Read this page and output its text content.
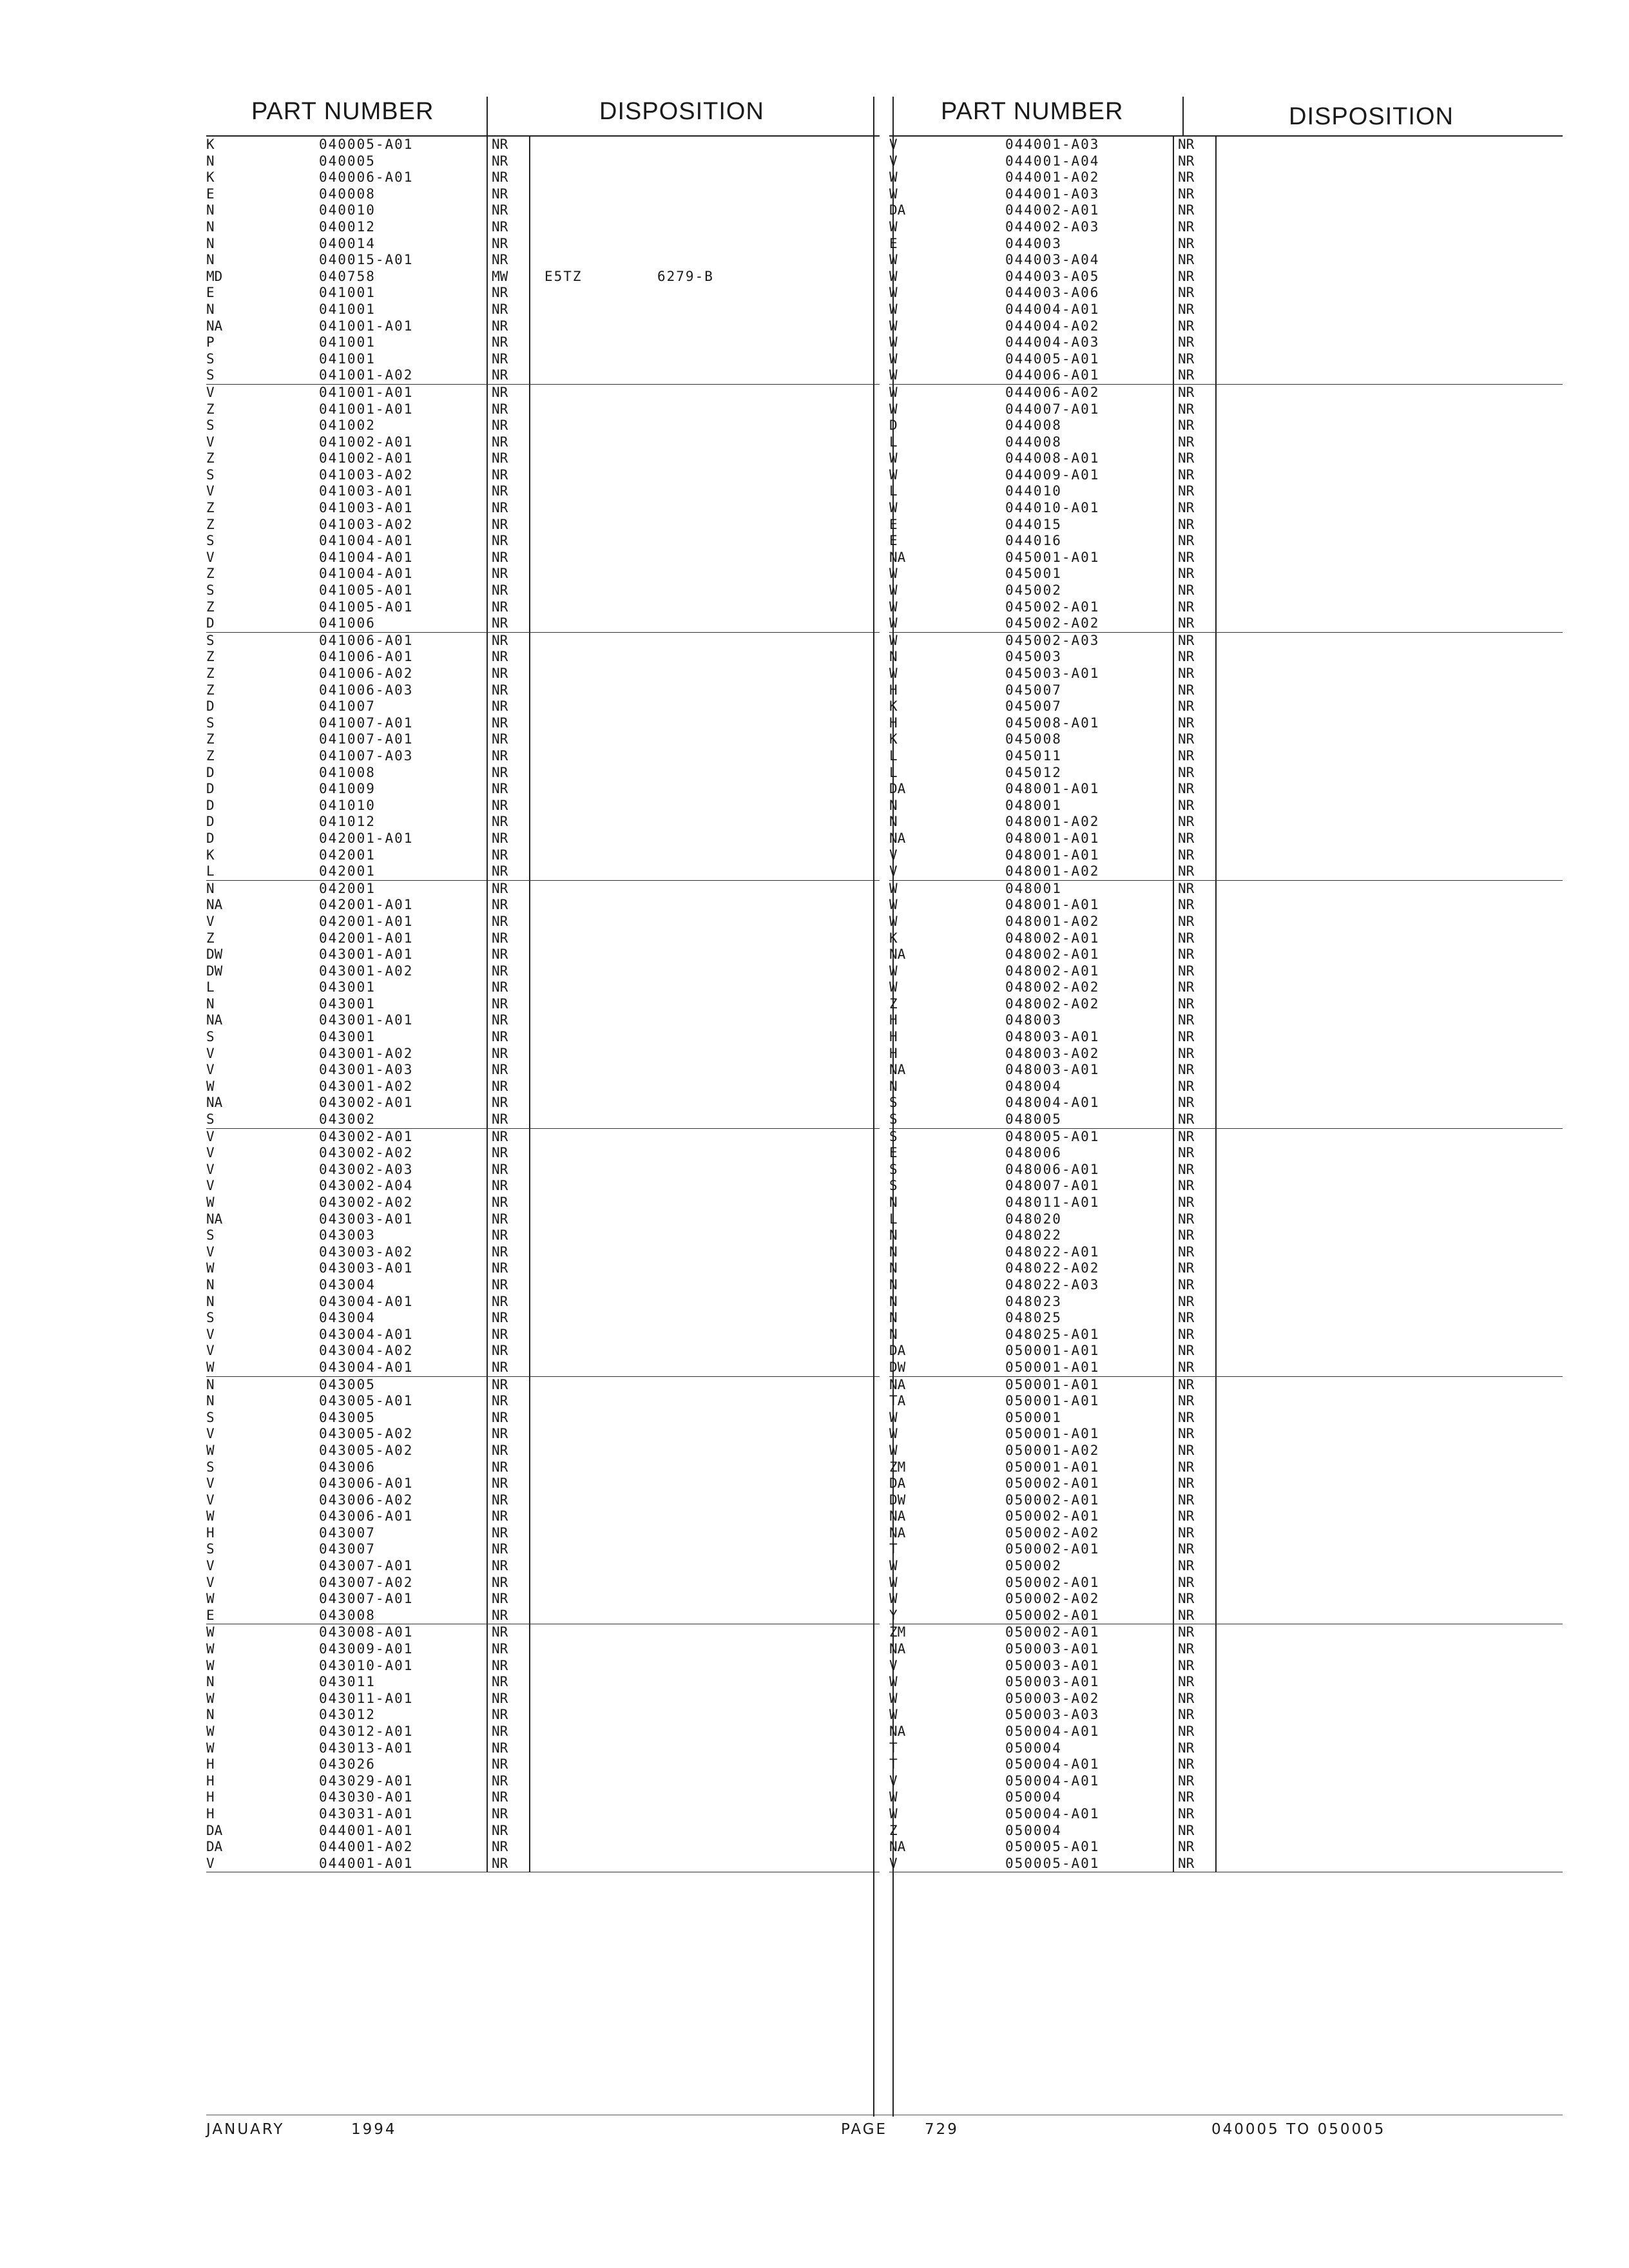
PART NUMBER	DISPOSITION
K	040005-A01	NR
N	040005	NR
K	040006-A01	NR
E	040008	NR
N	040010	NR
N	040012	NR
N	040014	NR
N	040015-A01	NR
MD	040758	MW	E5TZ	6279-B
E	041001	NR
N	041001	NR
NA	041001-A01	NR
P	041001	NR
S	041001	NR
S	041001-A02	NR
V	041001-A01	NR
Z	041001-A01	NR
S	041002	NR
V	041002-A01	NR
Z	041002-A01	NR
S	041003-A02	NR
V	041003-A01	NR
Z	041003-A01	NR
Z	041003-A02	NR
S	041004-A01	NR
V	041004-A01	NR
Z	041004-A01	NR
S	041005-A01	NR
Z	041005-A01	NR
D	041006	NR
S	041006-A01	NR
Z	041006-A01	NR
Z	041006-A02	NR
Z	041006-A03	NR
D	041007	NR
S	041007-A01	NR
Z	041007-A01	NR
Z	041007-A03	NR
D	041008	NR
D	041009	NR
D	041010	NR
D	041012	NR
D	042001-A01	NR
K	042001	NR
L	042001	NR
N	042001	NR
NA	042001-A01	NR
V	042001-A01	NR
Z	042001-A01	NR
DW	043001-A01	NR
DW	043001-A02	NR
L	043001	NR
N	043001	NR
NA	043001-A01	NR
S	043001	NR
V	043001-A02	NR
V	043001-A03	NR
W	043001-A02	NR
NA	043002-A01	NR
S	043002	NR
V	043002-A01	NR
V	043002-A02	NR
V	043002-A03	NR
V	043002-A04	NR
W	043002-A02	NR
NA	043003-A01	NR
S	043003	NR
V	043003-A02	NR
W	043003-A01	NR
N	043004	NR
N	043004-A01	NR
S	043004	NR
V	043004-A01	NR
V	043004-A02	NR
W	043004-A01	NR
N	043005	NR
N	043005-A01	NR
S	043005	NR
V	043005-A02	NR
W	043005-A02	NR
S	043006	NR
V	043006-A01	NR
V	043006-A02	NR
W	043006-A01	NR
H	043007	NR
S	043007	NR
V	043007-A01	NR
V	043007-A02	NR
W	043007-A01	NR
E	043008	NR
W	043008-A01	NR
W	043009-A01	NR
W	043010-A01	NR
N	043011	NR
W	043011-A01	NR
N	043012	NR
W	043012-A01	NR
W	043013-A01	NR
H	043026	NR
H	043029-A01	NR
H	043030-A01	NR
H	043031-A01	NR
DA	044001-A01	NR
DA	044001-A02	NR
V	044001-A01	NR
PART NUMBER	DISPOSITION
V	044001-A03	NR
V	044001-A04	NR
W	044001-A02	NR
W	044001-A03	NR
DA	044002-A01	NR
W	044002-A03	NR
E	044003	NR
W	044003-A04	NR
W	044003-A05	NR
W	044003-A06	NR
W	044004-A01	NR
W	044004-A02	NR
W	044004-A03	NR
W	044005-A01	NR
W	044006-A01	NR
W	044006-A02	NR
W	044007-A01	NR
D	044008	NR
L	044008	NR
W	044008-A01	NR
W	044009-A01	NR
L	044010	NR
W	044010-A01	NR
E	044015	NR
E	044016	NR
NA	045001-A01	NR
W	045001	NR
W	045002	NR
W	045002-A01	NR
W	045002-A02	NR
W	045002-A03	NR
N	045003	NR
W	045003-A01	NR
H	045007	NR
K	045007	NR
H	045008-A01	NR
K	045008	NR
L	045011	NR
L	045012	NR
DA	048001-A01	NR
N	048001	NR
N	048001-A02	NR
NA	048001-A01	NR
V	048001-A01	NR
V	048001-A02	NR
W	048001	NR
W	048001-A01	NR
W	048001-A02	NR
K	048002-A01	NR
NA	048002-A01	NR
W	048002-A01	NR
W	048002-A02	NR
Z	048002-A02	NR
H	048003	NR
H	048003-A01	NR
H	048003-A02	NR
NA	048003-A01	NR
N	048004	NR
S	048004-A01	NR
S	048005	NR
S	048005-A01	NR
E	048006	NR
S	048006-A01	NR
S	048007-A01	NR
N	048011-A01	NR
L	048020	NR
N	048022	NR
N	048022-A01	NR
N	048022-A02	NR
N	048022-A03	NR
N	048023	NR
N	048025	NR
N	048025-A01	NR
DA	050001-A01	NR
DW	050001-A01	NR
NA	050001-A01	NR
TA	050001-A01	NR
W	050001	NR
W	050001-A01	NR
W	050001-A02	NR
ZM	050001-A01	NR
DA	050002-A01	NR
DW	050002-A01	NR
NA	050002-A01	NR
NA	050002-A02	NR
T	050002-A01	NR
W	050002	NR
W	050002-A01	NR
W	050002-A02	NR
Y	050002-A01	NR
ZM	050002-A01	NR
NA	050003-A01	NR
V	050003-A01	NR
W	050003-A01	NR
W	050003-A02	NR
W	050003-A03	NR
NA	050004-A01	NR
T	050004	NR
T	050004-A01	NR
V	050004-A01	NR
W	050004	NR
W	050004-A01	NR
Z	050004	NR
NA	050005-A01	NR
V	050005-A01	NR
JANUARY	1994	PAGE	729	040005 TO 050005
